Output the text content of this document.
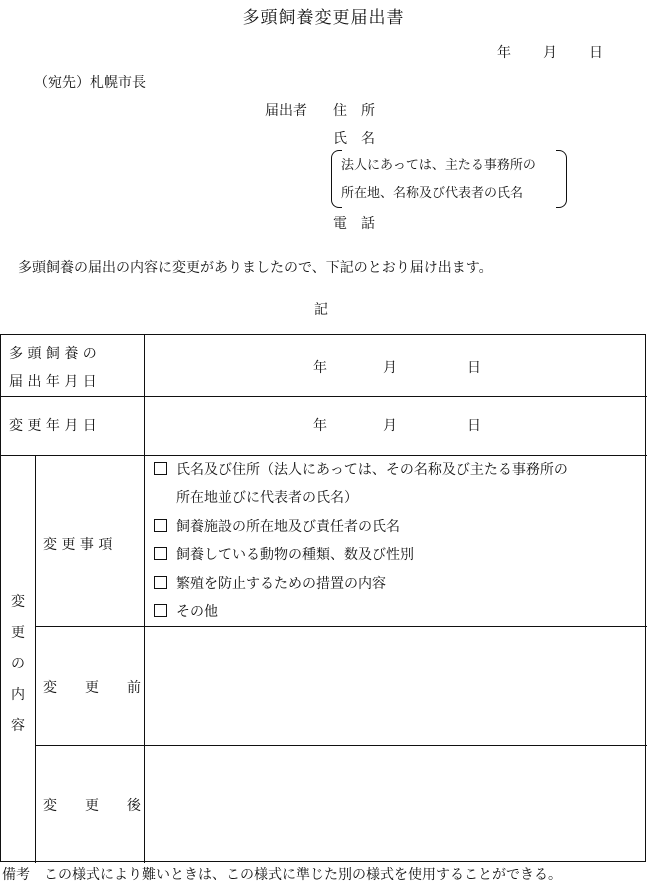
多頭飼養変更届出書
年 月 日
（宛先）札幌市長
届出者 住　所
氏　名
法人にあっては、主たる事務所の
所在地、名称及び代表者の氏名
電　話
多頭飼養の届出の内容に変更がありましたので、下記のとおり届け出ます。
記
多 頭 飼 養 の
届 出 年 月 日
年　　　　月　　　　　日
変 更 年 月 日	年　　　　月　　　　　日
変
更
の
内
容
変 更 事 項
変　　更　　前
変　　更　　後
氏名及び住所（法人にあっては、その名称及び主たる事務所の
所在地並びに代表者の氏名）
飼養施設の所在地及び責任者の氏名
飼養している動物の種類、数及び性別
繁殖を防止するための措置の内容
その他
備考　この様式により難いときは、この様式に準じた別の様式を使用することができる。
